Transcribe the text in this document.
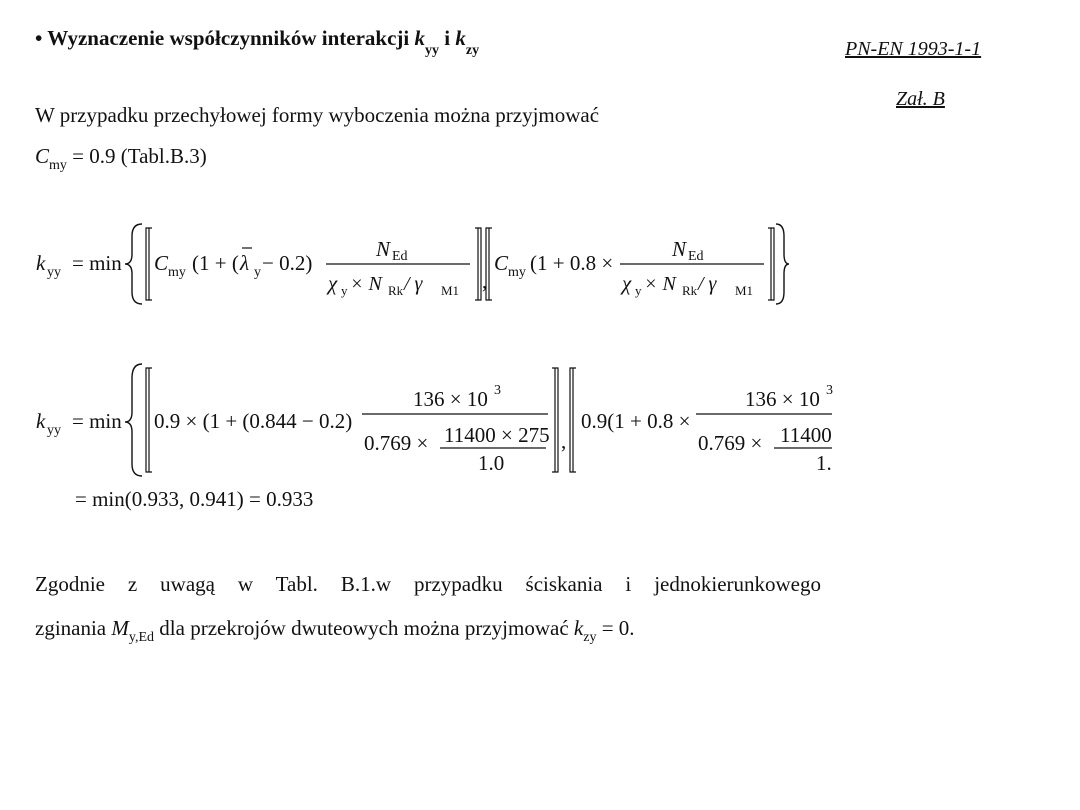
• Wyznaczenie współczynników interakcji $k_{yy}$ i $k_{zy}$	PN-EN 1993-1-1
Zał. B
W przypadku przechyłowej formy wyboczenia można przyjmować
$C_{my} = 0.9$ (Tabl.B.3)
k yy = min C my (1 + ( λ y − 0.2)
N Ed
χ y × N Rk / γ M1 ,
C my (1 + 0.8 ×
N Ed
χ y × N Rk / γ M1
k yy = min 0.9 × (1 + (0.844 − 0.2)
136 × 10 3
0.769 × 11400 × 275
1.0
,
0.9(1 + 0.8 ×
136 × 10 3
0.769 × 11400
1.
= min(0.933, 0.941) = 0.933
Zgodnie z uwagą w Tabl. B.1.w przypadku ściskania i jednokierunkowego
zginania $M_{y,Ed}$ dla przekrojów dwuteowych można przyjmować $k_{zy} = 0$.
